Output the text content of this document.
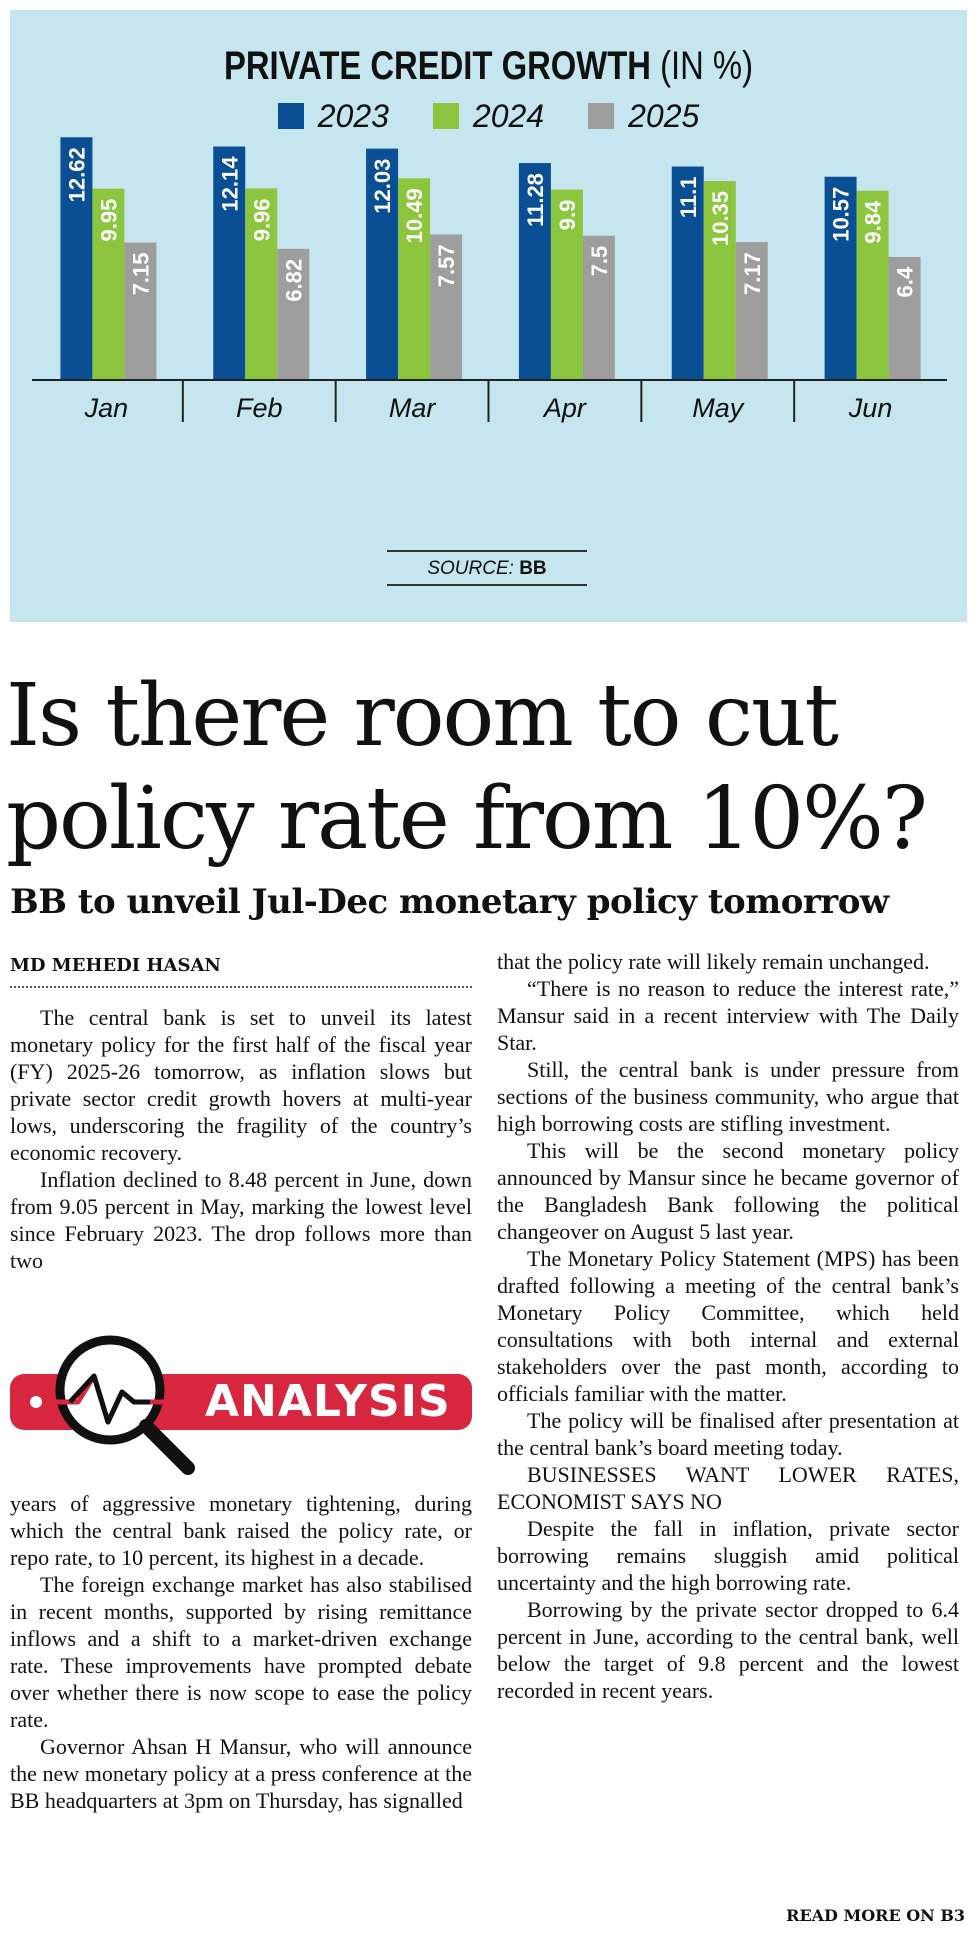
PRIVATE CREDIT GROWTH (IN %)
2023	2024	2025
12.62
9.95
7.15
Jan
12.14
9.96
6.82
Feb
12.03
10.49
7.57
Mar
11.28 9.9
7.5
Apr
11.1 10.35
7.17
May
10.57 9.84
6.4
Jun
SOURCE: BB
Is there room to cut
policy rate from 10%?
BB to unveil Jul-Dec monetary policy tomorrow
MD MEHEDI HASAN

The central bank is set to unveil its latest monetary policy for the first half of the fiscal year (FY) 2025-26 tomorrow, as inflation slows but private sector credit growth hovers at multi-year lows, underscoring the fragility of the country’s economic recovery.

Inflation declined to 8.48 percent in June, down from 9.05 percent in May, marking the lowest level since February 2023. The drop follows more than two

ANALYSIS

years of aggressive monetary tightening, during which the central bank raised the policy rate, or repo rate, to 10 percent, its highest in a decade.

The foreign exchange market has also stabilised in recent months, supported by rising remittance inflows and a shift to a market-driven exchange rate. These improvements have prompted debate over whether there is now scope to ease the policy rate.

Governor Ahsan H Mansur, who will announce the new monetary policy at a press conference at the BB headquarters at 3pm on Thursday, has signalled

that the policy rate will likely remain unchanged.

“There is no reason to reduce the interest rate,” Mansur said in a recent interview with The Daily Star.

Still, the central bank is under pressure from sections of the business community, who argue that high borrowing costs are stifling investment.

This will be the second monetary policy announced by Mansur since he became governor of the Bangladesh Bank following the political changeover on August 5 last year.

The Monetary Policy Statement (MPS) has been drafted following a meeting of the central bank’s Monetary Policy Committee, which held consultations with both internal and external stakeholders over the past month, according to officials familiar with the matter.

The policy will be finalised after presentation at the central bank’s board meeting today.

BUSINESSES WANT LOWER RATES, ECONOMIST SAYS NO

Despite the fall in inflation, private sector borrowing remains sluggish amid political uncertainty and the high borrowing rate.

Borrowing by the private sector dropped to 6.4 percent in June, according to the central bank, well below the target of 9.8 percent and the lowest recorded in recent years.

READ MORE ON B3
